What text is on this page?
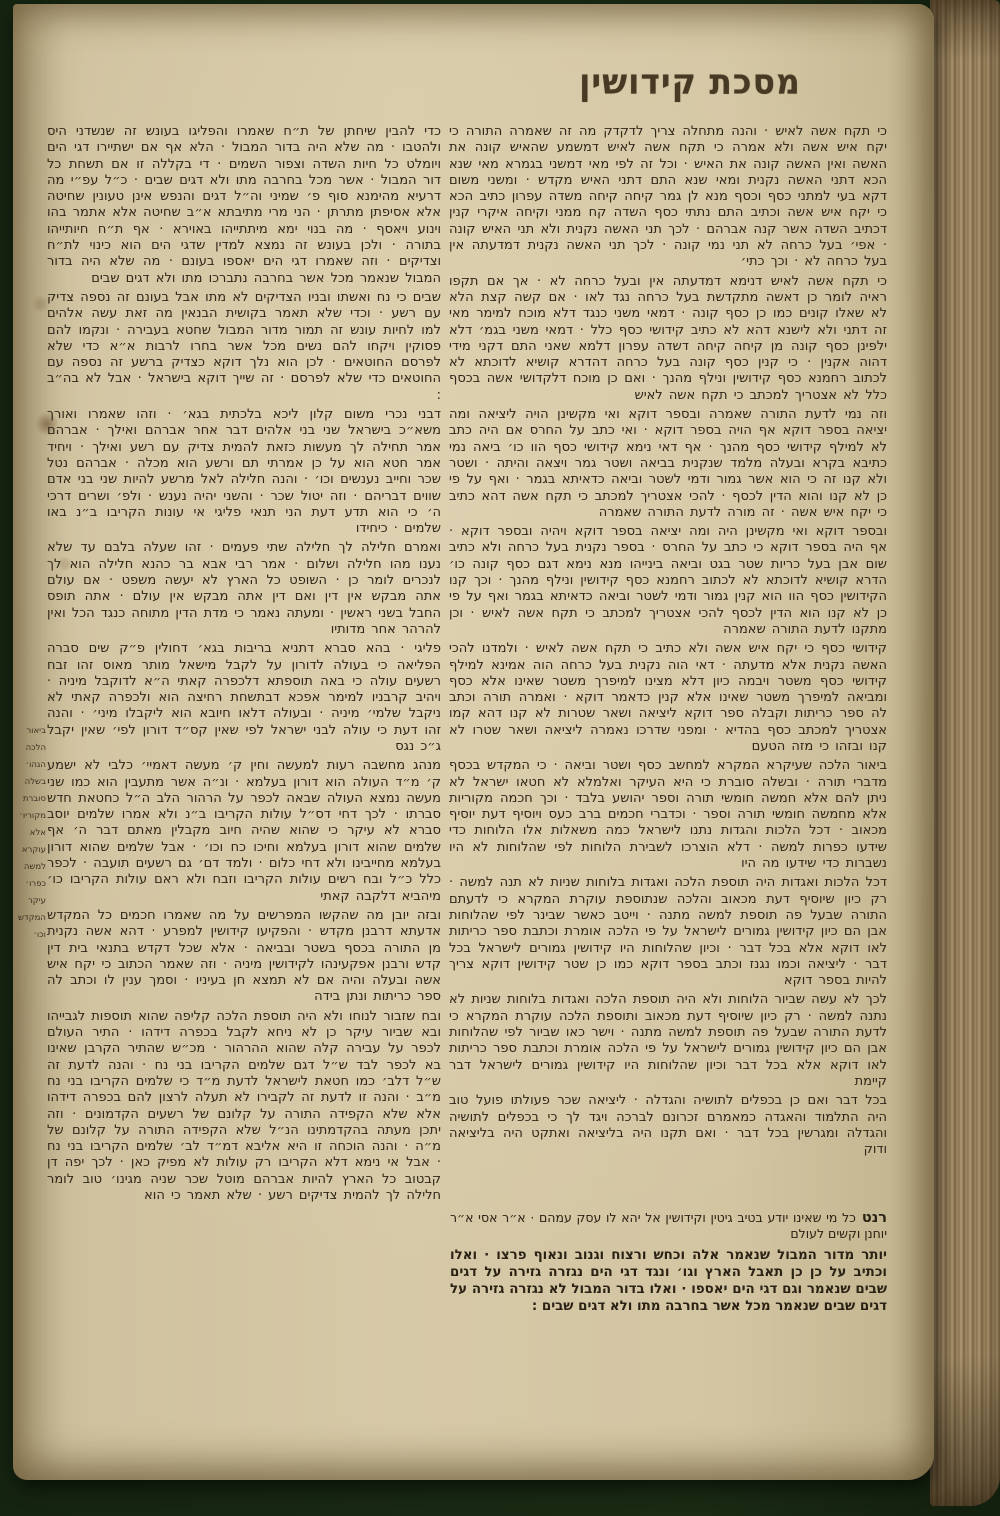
מסכת קידושין
כי תקח אשה לאיש · והנה מתחלה צריך לדקדק מה זה שאמרה התורה כי יקח איש אשה ולא אמרה כי תקח אשה לאיש דמשמע שהאיש קונה את האשה ואין האשה קונה את האיש · וכל זה לפי מאי דמשני בגמרא מאי שנא הכא דתני האשה נקנית ומאי שנא התם דתני האיש מקדש · ומשני משום דקא בעי למתני כסף וכסף מנא לן גמר קיחה קיחה משדה עפרון כתיב הכא כי יקח איש אשה וכתיב התם נתתי כסף השדה קח ממני וקיחה איקרי קנין דכתיב השדה אשר קנה אברהם · לכך תני האשה נקנית ולא תני האיש קונה · אפי׳ בעל כרחה לא תני נמי קונה · לכך תני האשה נקנית דמדעתה אין בעל כרחה לא · וכך כתי׳
כי תקח אשה לאיש דנימא דמדעתה אין ובעל כרחה לא · אך אם תקפו ראיה לומר כן דאשה מתקדשת בעל כרחה נגד לאו · אם קשה קצת הלא לא שאלו קונים כמו כן כסף קונה · דמאי משני כנגד דלא מוכח למימר מאי זה דתני ולא לישנא דהא לא כתיב קידושי כסף כלל · דמאי משני בגמ׳ דלא ילפינן כסף קונה מן קיחה קיחה דשדה עפרון דלמא שאני התם דקני מידי דהוה אקנין · כי קנין כסף קונה בעל כרחה דהדרא קושיא לדוכתא לא לכתוב רחמנא כסף קידושין ונילף מהנך · ואם כן מוכח דלקדושי אשה בכסף כלל לא אצטריך למכתב כי תקח אשה לאיש
וזה נמי לדעת התורה שאמרה ובספר דוקא ואי מקשינן הויה ליציאה ומה יציאה בספר דוקא אף הויה בספר דוקא · ואי כתב על החרס אם היה כתב לא למילף קידושי כסף מהנך · אף דאי נימא קידושי כסף הוו כו׳ ביאה נמי כתיבא בקרא ובעלה מלמד שנקנית בביאה ושטר גמר ויצאה והיתה · ושטר ולא קנו זה כי הוא אשר גמור ודמי לשטר וביאה כדאיתא בגמר · ואף על פי כן לא קנו והוא הדין לכסף · להכי אצטריך למכתב כי תקח אשה דהא כתיב כי יקח איש אשה · זה מורה לדעת התורה שאמרה
ובספר דוקא ואי מקשינן היה ומה יציאה בספר דוקא ויהיה ובספר דוקא · אף היה בספר דוקא כי כתב על החרס · בספר נקנית בעל כרחה ולא כתיב שום אבן בעל כריות שטר בגט וביאה בינייהו מנא נימא דגם כסף קונה כו׳ הדרא קושיא לדוכתא לא לכתוב רחמנא כסף קידושין ונילף מהנך · וכך קנו הקידושין כסף הוו הוא קנין גמור ודמי לשטר וביאה כדאיתא בגמר ואף על פי כן לא קנו הוא הדין לכסף להכי אצטריך למכתב כי תקח אשה לאיש · וכן מתקנו לדעת התורה שאמרה
קידושי כסף כי יקח איש אשה ולא כתיב כי תקח אשה לאיש · ולמדנו להכי האשה נקנית אלא מדעתה · דאי הוה נקנית בעל כרחה הוה אמינא למילף קידושי כסף משטר ויבמה כיון דלא מצינו למיפרך משטר שאינו אלא כסף ומביאה למיפרך משטר שאינו אלא קנין כדאמר דוקא · ואמרה תורה וכתב לה ספר כריתות וקבלה ספר דוקא ליציאה ושאר שטרות לא קנו דהא קמו אצטריך למכתב כסף בהדיא · ומפני שדרכו נאמרה ליציאה ושאר שטרו לא קנו ובזהו כי מזה הטעם
ביאור הלכה שעיקרא המקרא למחשב כסף ושטר וביאה · כי המקדש בכסף מדברי תורה · ובשלה סוברת כי היא העיקר ואלמלא לא חטאו ישראל לא ניתן להם אלא חמשה חומשי תורה וספר יהושע בלבד · וכך חכמה מקוריות אלא מחמשה חומשי תורה וספר · וכדברי חכמים ברב כעס ויוסיף דעת יוסיף מכאוב · דכל הלכות והגדות נתנו לישראל כמה משאלות אלו הלוחות כדי שידעו כפרות למשה · דלא הוצרכו לשבירת הלוחות לפי שהלוחות לא היו נשברות כדי שידעו מה היו
דכל הלכות ואגדות היה תוספת הלכה ואגדות בלוחות שניות לא תנה למשה · רק כיון שיוסיף דעת מכאוב והלכה שנתוספת עוקרת המקרא כי לדעתם התורה שבעל פה תוספת למשה מתנה · וייטב כאשר שבינר לפי שהלוחות אבן הם כיון קידושין גמורים לישראל על פי הלכה אומרת וכתבת ספר כריתות לאו דוקא אלא בכל דבר · וכיון שהלוחות היו קידושין גמורים לישראל בכל דבר · ליציאה וכמו נגנז וכתב בספר דוקא כמו כן שטר קידושין דוקא צריך להיות בספר דוקא
לכך לא עשה שביור הלוחות ולא היה תוספת הלכה ואגדות בלוחות שניות לא נתנה למשה · רק כיון שיוסיף דעת מכאוב ותוספת הלכה עוקרת המקרא כי לדעת התורה שבעל פה תוספת למשה מתנה · וישר כאו שביור לפי שהלוחות אבן הם כיון קידושין גמורים לישראל על פי הלכה אומרת וכתבת ספר כריתות לאו דוקא אלא בכל דבר וכיון שהלוחות היו קידושין גמורים לישראל דבר קיימת
בכל דבר ואם כן בכפלים לתושיה והגדלה · ליציאה שכר פעולתו פועל טוב היה התלמוד והאגדה כמאמרם זכרונם לברכה ויגד לך כי בכפלים לתושיה והגדלה ומגרשין בכל דבר · ואם תקנו היה בליציאה ואתקט היה בליציאה ודוק
כדי להבין שיחתן של ת״ח שאמרו והפליגו בעונש זה שנשדני היס ולהטבו · מה שלא היה בדור המבול · הלא אף אם ישתיירו דגי הים ויומלט כל חיות השדה וצפור השמים · די בקללה זו אם תשחת כל דור המבול · אשר מכל בחרבה מתו ולא דגים שבים · כ״ל עפ״י מה דרעיא מהימנא סוף פ׳ שמיני וה״ל דגים והנפש אינן טעונין שחיטה אלא אסיפתן מתרתן · הני מרי מתיבתא א״ב שחיטה אלא אתמר בהו וינוע ויאסף · מה בנוי ימא מיתתייהו באוירא · אף ת״ח חיותייהו בתורה · ולכן בעונש זה נמצא למדין שדגי הים הוא כינוי לת״ח וצדיקים · וזה שאמרו דגי הים יאספו בעונם · מה שלא היה בדור המבול שנאמר מכל אשר בחרבה נתברכו מתו ולא דגים שבים
שבים כי נח ואשתו ובניו הצדיקים לא מתו אבל בעונם זה נספה צדיק עם רשע · וכדי שלא תאמר בקושית הבנאין מה זאת עשה אלהים למו לחיות עונש זה תמור מדור המבול שחטא בעבירה · ונקמו להם פסוקין ויקחו להם נשים מכל אשר בחרו לרבות א״א כדי שלא לפרסם החוטאים · לכן הוא נלך דוקא כצדיק ברשע זה נספה עם החוטאים כדי שלא לפרסם · זה שייך דוקא בישראל · אבל לא בה״ב :
דבני נכרי משום קלון ליכא בלכתית בגא׳ · וזהו שאמרו ואורך משא״כ בישראל שני בני אלהים דבר אחר אברהם ואילך · אברהם אמר תחילה לך מעשות כזאת להמית צדיק עם רשע ואילך · ויחיד אמר חטא הוא על כן אמרתי תם ורשע הוא מכלה · אברהם נטל שכר וחייב נענשים וכו׳ · והנה חלילה לאל מרשע להיות שני בני אדם שווים דבריהם · וזה יטול שכר · והשני יהיה נענש · ולפ׳ ושרים דרכי ה׳ כי הוא תדע דעת הני תנאי פליגי אי עונות הקריבו ב״נ באו שלמים · כיחידו
ואמרם חלילה לך חלילה שתי פעמים · זהו שעלה בלבם עד שלא נענו מהו חלילה ושלום · אמר רבי אבא בר כהנא חלילה הוא לך לנכרים לומר כן · השופט כל הארץ לא יעשה משפט · אם עולם אתה מבקש אין דין ואם דין אתה מבקש אין עולם · אתה תופס החבל בשני ראשין · ומעתה נאמר כי מדת הדין מתוחה כנגד הכל ואין להרהר אחר מדותיו
פליגי · בהא סברא דתניא בריבות בגא׳ דחולין פ״ק שים סברה הפליאה כי בעולה לדורון על לקבל מישאל מותר מאוס זהו זבח רשעים עולה כי באה תוספתא דלכפרה קאתי ה״א לדוקבל מיניה · ויהיב קרבניו למימר אפכא דבתשחת רחיצה הוא ולכפרה קאתי לא ניקבל שלמי׳ מיניה · ובעולה דלאו חיובא הוא ליקבלו מיני׳ · והנה זהו דעת כי עולה לבני ישראל לפי שאין קס״ד דורון לפי׳ שאין יקבל ג״כ נגס
מנהג מחשבה רעות למעשה וחין ק׳ מעשה דאמיי׳ כלבי לא ישמע ק׳ מ״ד העולה הוא דורון בעלמא · ונ״ה אשר מתעבין הוא כמו שני מעשה נמצא העולה שבאה לכפר על הרהור הלב ה״ל כחטאת חדש סברתו · לכך דחי דס״ל עולות הקריבו ב״נ ולא אמרו שלמים יוסב סברא לא עיקר כי שהוא שהיה חיוב מקבלין מאתם דבר ה׳ אף שלמים שהוא דורון בעלמא וחיכו כח וכו׳ · אבל שלמים שהוא דורון בעלמא מחייבינו ולא דחי כלום · ולמד דם׳ גם רשעים תועבה · לכפר כלל כ״ל ובח רשים עולות הקריבו וזבח ולא ראם עולות הקריבו כו׳ מיהביא דלקבה קאתי
ובזה יובן מה שהקשו המפרשים על מה שאמרו חכמים כל המקדש אדעתא דרבנן מקדש · והפקיעו קידושין למפרע · דהא אשה נקנית מן התורה בכסף בשטר ובביאה · אלא שכל דקדש בתנאי בית דין קדש ורבנן אפקעינהו לקידושין מיניה · וזה שאמר הכתוב כי יקח איש אשה ובעלה והיה אם לא תמצא חן בעיניו · וסמך ענין לו וכתב לה ספר כריתות ונתן בידה
ובח שזבור לנוחו ולא היה תוספת הלכה קליפה שהוא תוספות לגבייהו ובא שביור עיקר כן לא ניחא לקבל בכפרה דידהו · התיר העולם לכפר על עבירה קלה שהוא ההרהור · מכ״ש שהתיר הקרבן שאינו בא לכפר לבד ש״ל דגם שלמים הקריבו בני נח · והנה לדעת זה ש״ל דלב׳ כמו חטאת לישראל לדעת מ״ד כי שלמים הקריבו בני נח מ״ב · והנה זו לדעת זה לקבירו לא תעלה לרצון להם בכפרה דידהו אלא שלא הקפידה התורה על קלונם של רשעים הקדמונים · וזה יתכן מעתה בהקדמתינו הנ״ל שלא הקפידה התורה על קלונם של מ״ה · והנה הוכחה זו היא אליבא דמ״ד לב׳ שלמים הקריבו בני נח · אבל אי נימא דלא הקריבו רק עולות לא מפיק כאן · לכך יפה דן קבטוב כל הארץ להיות אברהם מוטל שכר שניה מגינו׳ טוב לומר חלילה לך להמית צדיקים רשע · שלא תאמר כי הוא

רנטכל מי שאינו יודע בטיב גיטין וקידושין אל יהא לו עסק עמהם · א״ר אסי א״ר יוחנן וקשים לעולם

יותר מדור המבול שנאמר אלה וכחש ורצוח וגנוב ונאוף פרצו · ואלו וכתיב על כן כן תאבל הארץ וגו׳ ונגד דגי הים נגזרה גזירה על דגים שבים שנאמר וגם דגי הים יאספו · ואלו בדור המבול לא נגזרה גזירה על דגים שבים שנאמר מכל אשר בחרבה מתו ולא דגים שבים :

ביאור
הלכה
הגהו׳
בשלה
סוברת
מקוריו׳
אלא
עוקרא
למשה
כפרו׳
עיקר
המקדש
וכו׳
